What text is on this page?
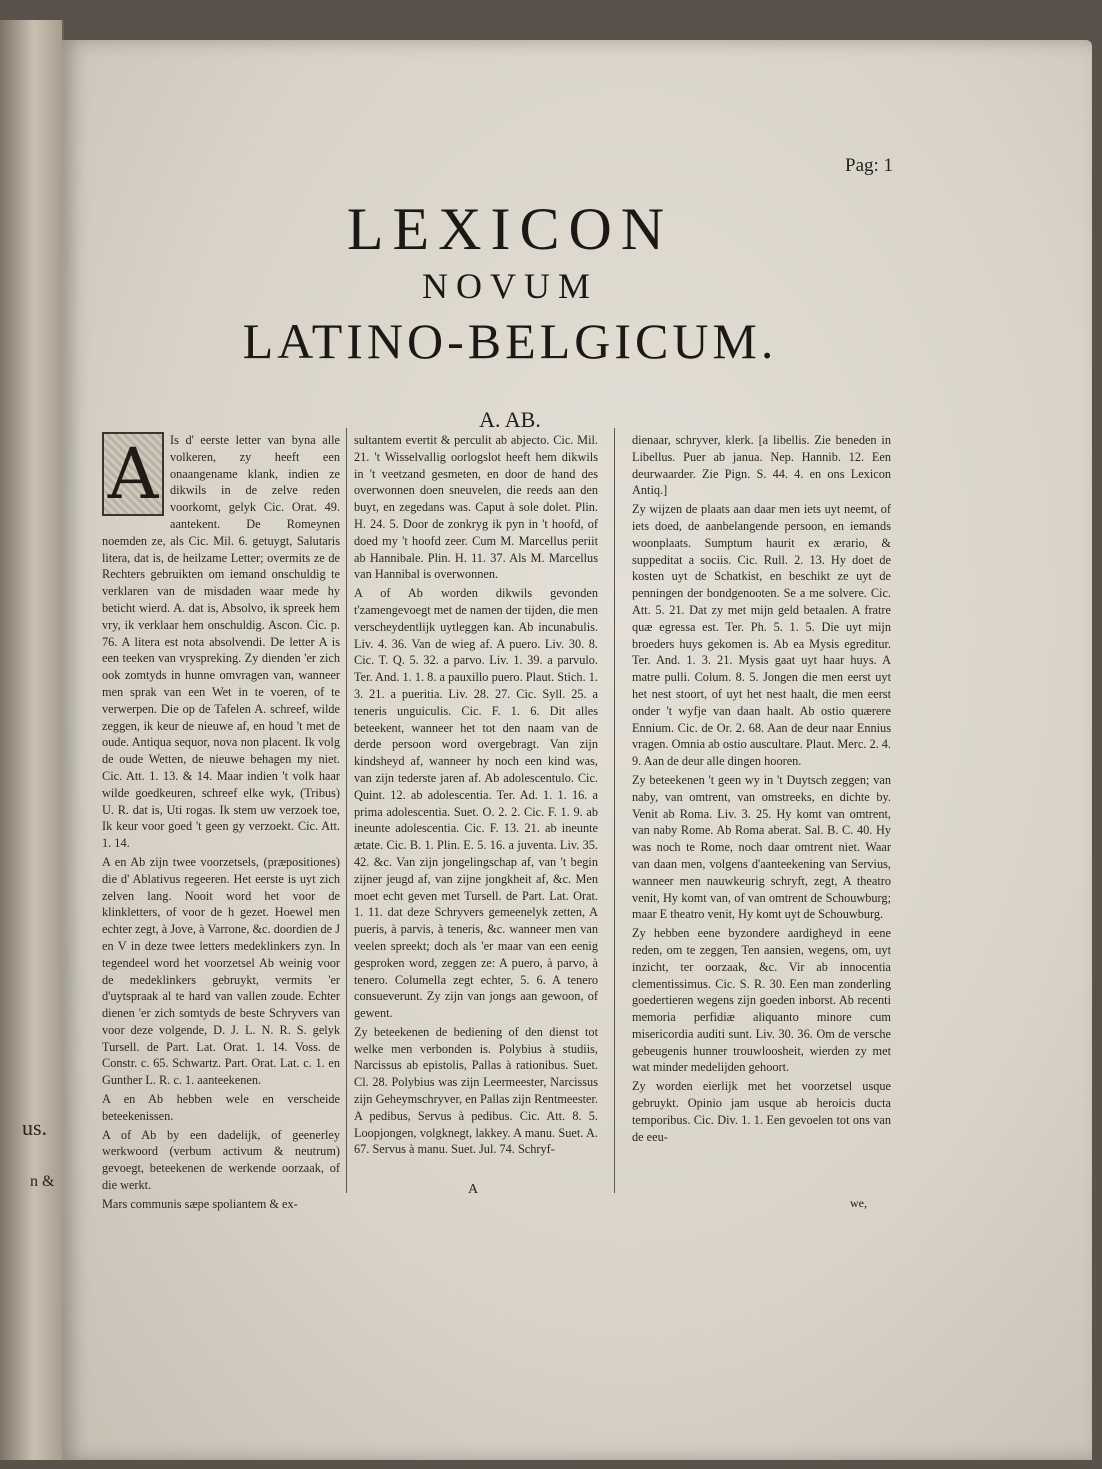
us.
n &
Pag: 1
LEXICON
NOVUM
LATINO-BELGICUM.
A. AB.
A Is d' eerste letter van byna alle volkeren, zy heeft een onaangename klank, indien ze dikwils in de zelve reden voorkomt, gelyk Cic. Orat. 49. aantekent. De Romeynen noemden ze, als Cic. Mil. 6. getuygt, Salutaris litera, dat is, de heilzame Letter; overmits ze de Rechters gebruikten om iemand onschuldig te verklaren van de misdaden waar mede hy beticht wierd. A. dat is, Absolvo, ik spreek hem vry, ik verklaar hem onschuldig. Ascon. Cic. p. 76. A litera est nota absolvendi. De letter A is een teeken van vryspreking. Zy dienden 'er zich ook zomtyds in hunne omvragen van, wanneer men sprak van een Wet in te voeren, of te verwerpen. Die op de Tafelen A. schreef, wilde zeggen, ik keur de nieuwe af, en houd 't met de oude. Antiqua sequor, nova non placent. Ik volg de oude Wetten, de nieuwe behagen my niet. Cic. Att. 1. 13. & 14. Maar indien 't volk haar wilde goedkeuren, schreef elke wyk, (Tribus) U. R. dat is, Uti rogas. Ik stem uw verzoek toe, Ik keur voor goed 't geen gy verzoekt. Cic. Att. 1. 14.

A en Ab zijn twee voorzetsels, (præpositiones) die d' Ablativus regeeren. Het eerste is uyt zich zelven lang. Nooit word het voor de klinkletters, of voor de h gezet. Hoewel men echter zegt, à Jove, à Varrone, &c. doordien de J en V in deze twee letters medeklinkers zyn. In tegendeel word het voorzetsel Ab weinig voor de medeklinkers gebruykt, vermits 'er d'uytspraak al te hard van vallen zoude. Echter dienen 'er zich somtyds de beste Schryvers van voor deze volgende, D. J. L. N. R. S. gelyk Tursell. de Part. Lat. Orat. 1. 14. Voss. de Constr. c. 65. Schwartz. Part. Orat. Lat. c. 1. en Gunther L. R. c. 1. aanteekenen.

A en Ab hebben wele en verscheide beteekenissen.

A of Ab by een dadelijk, of geenerley werkwoord (verbum activum & neutrum) gevoegt, beteekenen de werkende oorzaak, of die werkt.

Mars communis sæpe spoliantem & ex-

sultantem evertit & perculit ab abjecto. Cic. Mil. 21. 't Wisselvallig oorlogslot heeft hem dikwils in 't veetzand gesmeten, en door de hand des overwonnen doen sneuvelen, die reeds aan den buyt, en zegedans was. Caput à sole dolet. Plin. H. 24. 5. Door de zonkryg ik pyn in 't hoofd, of doed my 't hoofd zeer. Cum M. Marcellus periit ab Hannibale. Plin. H. 11. 37. Als M. Marcellus van Hannibal is overwonnen.

A of Ab worden dikwils gevonden t'zamengevoegt met de namen der tijden, die men verscheydentlijk uytleggen kan. Ab incunabulis. Liv. 4. 36. Van de wieg af. A puero. Liv. 30. 8. Cic. T. Q. 5. 32. a parvo. Liv. 1. 39. a parvulo. Ter. And. 1. 1. 8. a pauxillo puero. Plaut. Stich. 1. 3. 21. a pueritia. Liv. 28. 27. Cic. Syll. 25. a teneris unguiculis. Cic. F. 1. 6. Dit alles beteekent, wanneer het tot den naam van de derde persoon word overgebragt. Van zijn kindsheyd af, wanneer hy noch een kind was, van zijn tederste jaren af. Ab adolescentulo. Cic. Quint. 12. ab adolescentia. Ter. Ad. 1. 1. 16. a prima adolescentia. Suet. O. 2. 2. Cic. F. 1. 9. ab ineunte adolescentia. Cic. F. 13. 21. ab ineunte ætate. Cic. B. 1. Plin. E. 5. 16. a juventa. Liv. 35. 42. &c. Van zijn jongelingschap af, van 't begin zijner jeugd af, van zijne jongkheit af, &c. Men moet echt geven met Tursell. de Part. Lat. Orat. 1. 11. dat deze Schryvers gemeenelyk zetten, A pueris, à parvis, à teneris, &c. wanneer men van veelen spreekt; doch als 'er maar van een eenig gesproken word, zeggen ze: A puero, à parvo, à tenero. Columella zegt echter, 5. 6. A tenero consueverunt. Zy zijn van jongs aan gewoon, of gewent.

Zy beteekenen de bediening of den dienst tot welke men verbonden is. Polybius à studiis, Narcissus ab epistolis, Pallas à rationibus. Suet. Cl. 28. Polybius was zijn Leermeester, Narcissus zijn Geheymschryver, en Pallas zijn Rentmeester. A pedibus, Servus à pedibus. Cic. Att. 8. 5. Loopjongen, volgknegt, lakkey. A manu. Suet. A. 67. Servus à manu. Suet. Jul. 74. Schryf-

dienaar, schryver, klerk. [a libellis. Zie beneden in Libellus. Puer ab janua. Nep. Hannib. 12. Een deurwaarder. Zie Pign. S. 44. 4. en ons Lexicon Antiq.]

Zy wijzen de plaats aan daar men iets uyt neemt, of iets doed, de aanbelangende persoon, en iemands woonplaats. Sumptum haurit ex ærario, & suppeditat a sociis. Cic. Rull. 2. 13. Hy doet de kosten uyt de Schatkist, en beschikt ze uyt de penningen der bondgenooten. Se a me solvere. Cic. Att. 5. 21. Dat zy met mijn geld betaalen. A fratre quæ egressa est. Ter. Ph. 5. 1. 5. Die uyt mijn broeders huys gekomen is. Ab ea Mysis egreditur. Ter. And. 1. 3. 21. Mysis gaat uyt haar huys. A matre pulli. Colum. 8. 5. Jongen die men eerst uyt het nest stoort, of uyt het nest haalt, die men eerst onder 't wyfje van daan haalt. Ab ostio quærere Ennium. Cic. de Or. 2. 68. Aan de deur naar Ennius vragen. Omnia ab ostio auscultare. Plaut. Merc. 2. 4. 9. Aan de deur alle dingen hooren.

Zy beteekenen 't geen wy in 't Duytsch zeggen; van naby, van omtrent, van omstreeks, en dichte by. Venit ab Roma. Liv. 3. 25. Hy komt van omtrent, van naby Rome. Ab Roma aberat. Sal. B. C. 40. Hy was noch te Rome, noch daar omtrent niet. Waar van daan men, volgens d'aanteekening van Servius, wanneer men nauwkeurig schryft, zegt, A theatro venit, Hy komt van, of van omtrent de Schouwburg; maar E theatro venit, Hy komt uyt de Schouwburg.

Zy hebben eene byzondere aardigheyd in eene reden, om te zeggen, Ten aansien, wegens, om, uyt inzicht, ter oorzaak, &c. Vir ab innocentia clementissimus. Cic. S. R. 30. Een man zonderling goedertieren wegens zijn goeden inborst. Ab recenti memoria perfidiæ aliquanto minore cum misericordia auditi sunt. Liv. 30. 36. Om de versche gebeugenis hunner trouwloosheit, wierden zy met wat minder medelijden gehoort.

Zy worden eierlijk met het voorzetsel usque gebruykt. Opinio jam usque ab heroicis ducta temporibus. Cic. Div. 1. 1. Een gevoelen tot ons van de eeu-

A
we,
